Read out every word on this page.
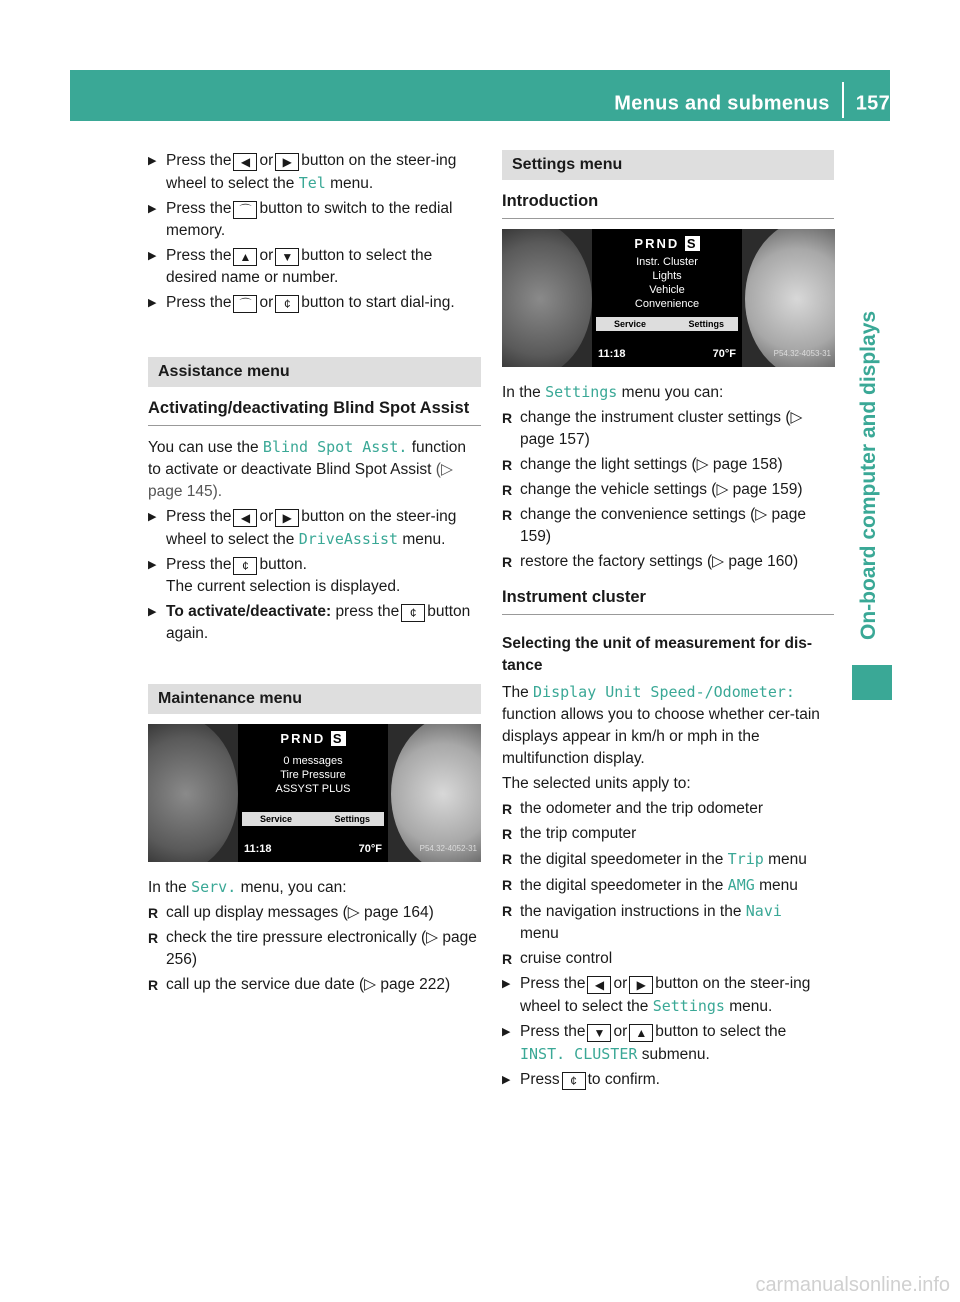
Menus and submenus 157
On-board computer and displays
▶ Press the ◀ or ▶ button on the steer-ing wheel to select the Tel menu.
▶ Press the ⌒ button to switch to the redial memory.
▶ Press the ▲ or ▼ button to select the desired name or number.
▶ Press the ⌒ or ¢ button to start dial-ing.
Assistance menu
Activating/deactivating Blind Spot Assist

You can use the Blind Spot Asst. function to activate or deactivate Blind Spot Assist (▷ page 145).

▶ Press the ◀ or ▶ button on the steer-ing wheel to select the DriveAssist menu.
▶ Press the ¢ button.
The current selection is displayed.
▶ To activate/deactivate: press the ¢ button again.
Maintenance menu
PRND S
0 messages
Tire Pressure
ASSYST PLUS
Service	Settings
11:18	70°F	P54.32-4052-31

In the Serv. menu, you can:

R call up display messages (▷ page 164)
R check the tire pressure electronically (▷ page 256)
R call up the service due date (▷ page 222)
Settings menu
Introduction
PRND S
Instr. Cluster
Lights
Vehicle
Convenience
Service	Settings
11:18	70°F	P54.32-4053-31

In the Settings menu you can:

R change the instrument cluster settings (▷ page 157)
R change the light settings (▷ page 158)
R change the vehicle settings (▷ page 159)
R change the convenience settings (▷ page 159)
R restore the factory settings (▷ page 160)
Instrument cluster
Selecting the unit of measurement for dis-tance

The Display Unit Speed-/Odometer: function allows you to choose whether cer-tain displays appear in km/h or mph in the multifunction display.

The selected units apply to:

R the odometer and the trip odometer
R the trip computer
R the digital speedometer in the Trip menu
R the digital speedometer in the AMG menu
R the navigation instructions in the Navi
menu
R cruise control
▶ Press the ◀ or ▶ button on the steer-ing wheel to select the Settings menu.
▶ Press the ▼ or ▲ button to select the INST. CLUSTER submenu.
▶ Press ¢ to confirm.
carmanualsonline.info
